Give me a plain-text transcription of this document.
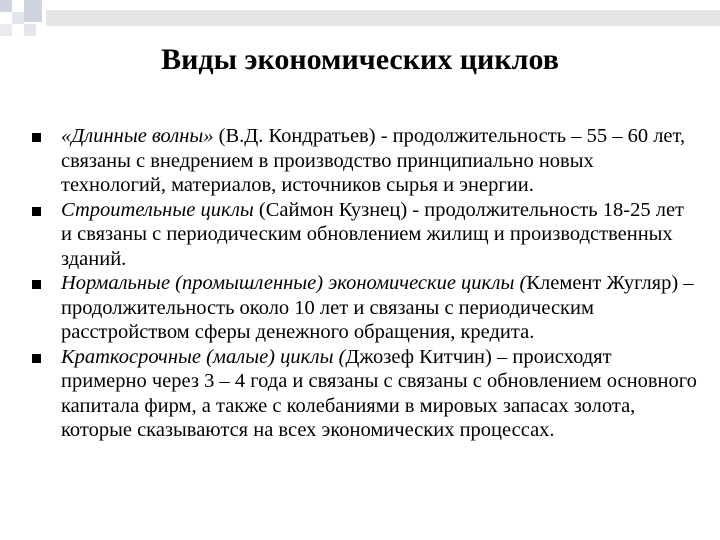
Виды экономических циклов
«Длинные волны» (В.Д. Кондратьев) - продолжительность – 55 – 60 лет, связаны с внедрением в производство принципиально новых технологий, материалов, источников сырья и энергии.
Строительные циклы (Саймон Кузнец) - продолжительность 18-25 лет и связаны с периодическим обновлением жилищ и производственных зданий.
Нормальные (промышленные) экономические циклы (Клемент Жугляр) – продолжительность около 10 лет и связаны с периодическим расстройством сферы денежного обращения, кредита.
Краткосрочные (малые) циклы (Джозеф Китчин) – происходят примерно через 3 – 4 года и связаны с связаны с обновлением основного капитала фирм, а также с колебаниями в мировых запасах золота, которые сказываются на всех экономических процессах.
